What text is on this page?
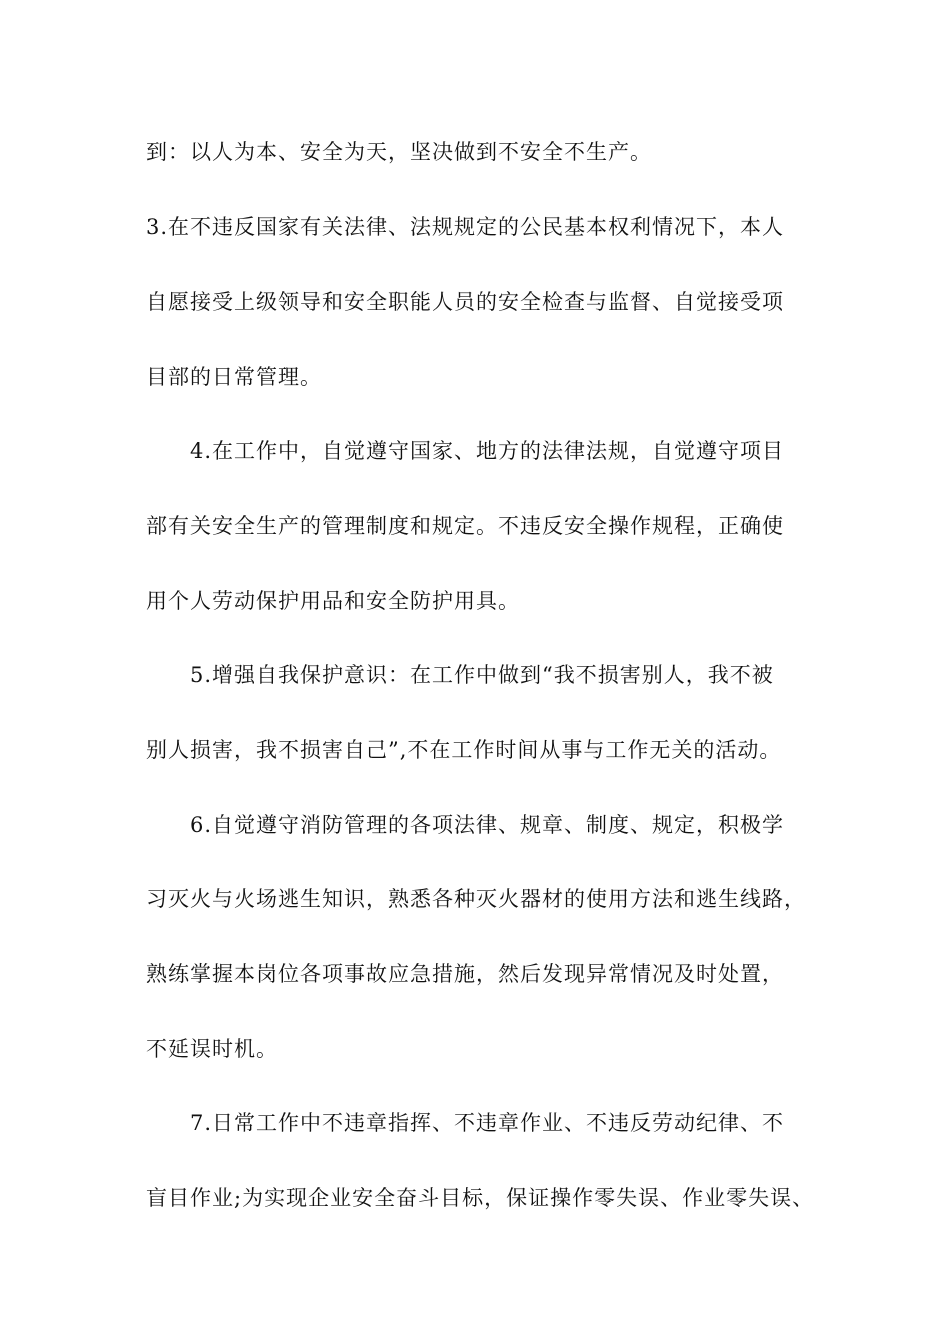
到：以人为本、安全为天，坚决做到不安全不生产。
3.在不违反国家有关法律、法规规定的公民基本权利情况下，本人
自愿接受上级领导和安全职能人员的安全检查与监督、自觉接受项
目部的日常管理。
4.在工作中，自觉遵守国家、地方的法律法规，自觉遵守项目
部有关安全生产的管理制度和规定。不违反安全操作规程，正确使
用个人劳动保护用品和安全防护用具。
5.增强自我保护意识：在工作中做到“我不损害别人，我不被
别人损害，我不损害自己”,不在工作时间从事与工作无关的活动。
6.自觉遵守消防管理的各项法律、规章、制度、规定，积极学
习灭火与火场逃生知识，熟悉各种灭火器材的使用方法和逃生线路，
熟练掌握本岗位各项事故应急措施，然后发现异常情况及时处置，
不延误时机。
7.日常工作中不违章指挥、不违章作业、不违反劳动纪律、不
盲目作业;为实现企业安全奋斗目标，保证操作零失误、作业零失误、
